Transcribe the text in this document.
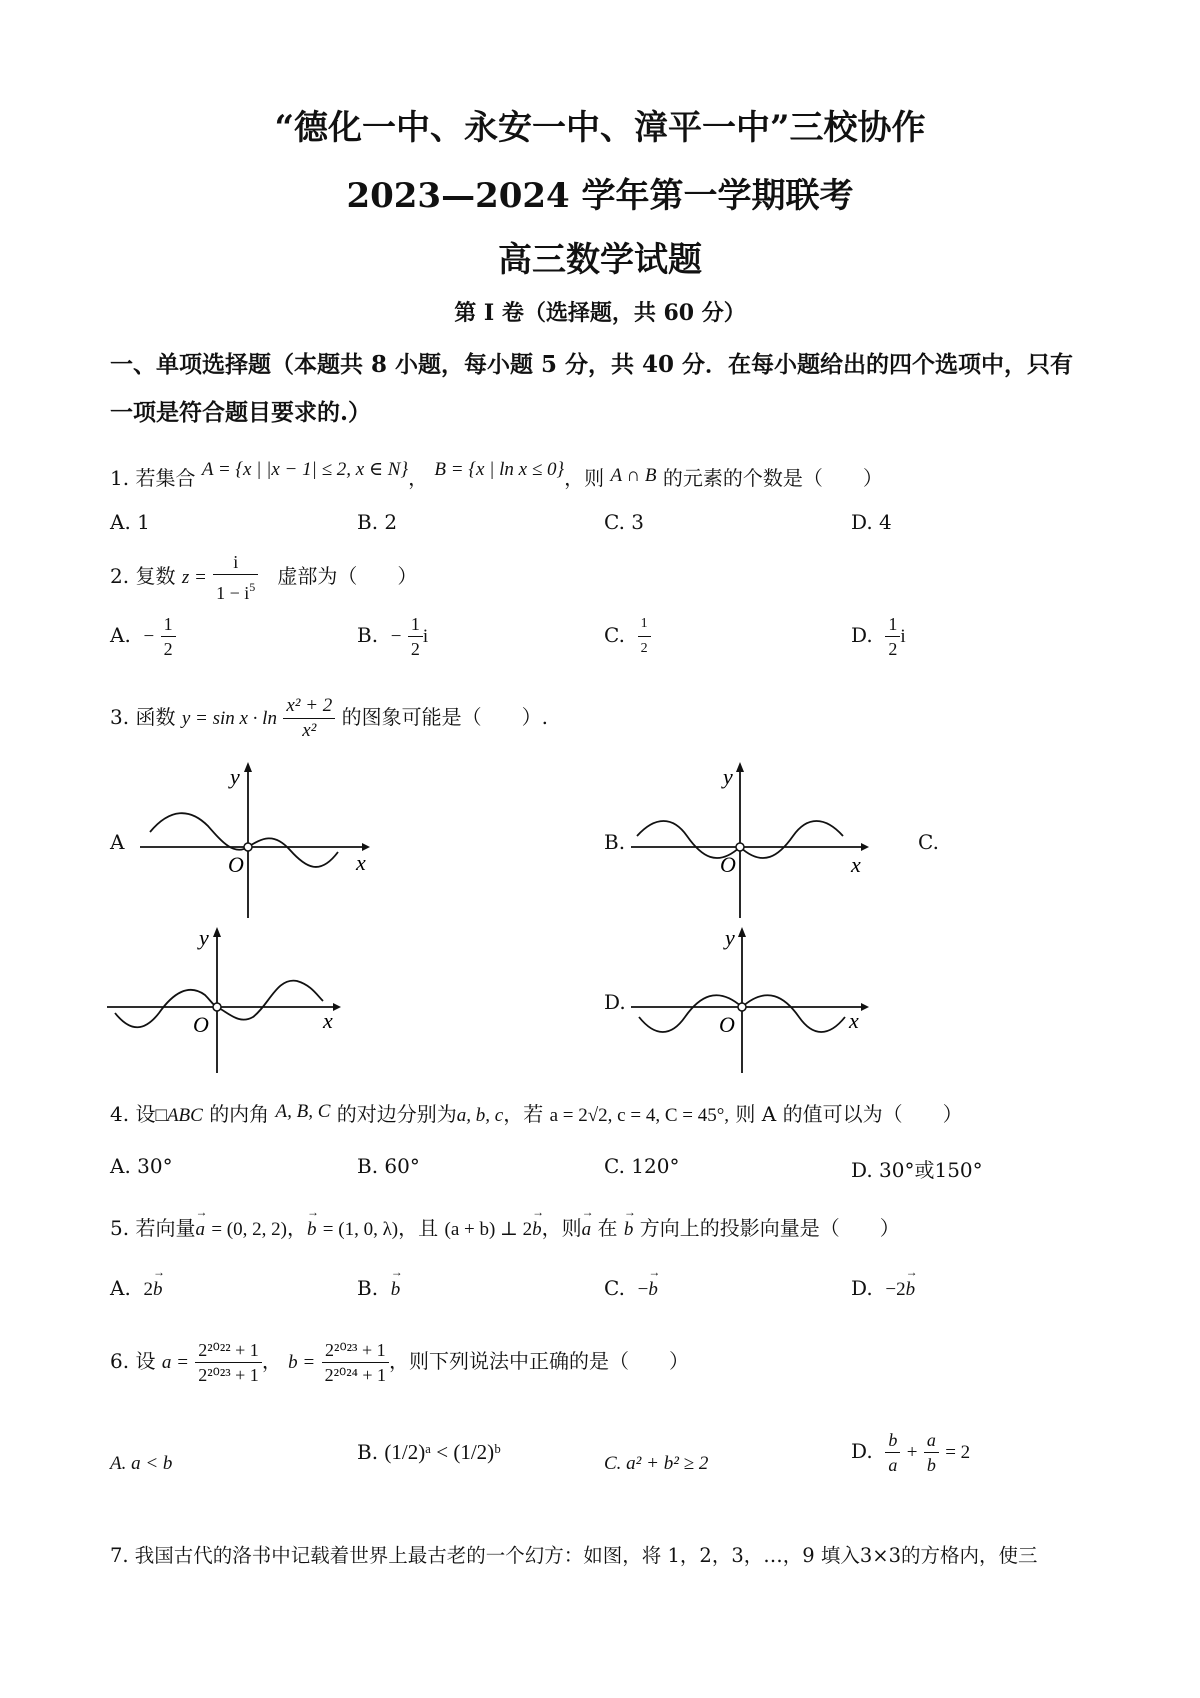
“德化一中、永安一中、漳平一中”三校协作
2023—2024 学年第一学期联考
高三数学试题
第 I 卷（选择题，共 60 分）
一、单项选择题（本题共 8 小题，每小题 5 分，共 40 分．在每小题给出的四个选项中，只有
一项是符合题目要求的.）
1. 若集合 A = {x | |x − 1| ≤ 2, x ∈ N}， B = {x | ln x ≤ 0}，则 A ∩ B 的元素的个数是（　　）
A. 1	B. 2	C. 3	D. 4
2. 复数 $z = \frac{i}{1 - i^5}$ 虚部为（　　）
A. − $\frac{1}{2}$	B. − $\frac{1}{2}$ i	C. $\frac{1}{2}$	D. $\frac{1}{2}$ i
3. 函数 $y = \sin x \cdot \ln \frac{\text{x² + 2}}{\text{x²}}$ 的图象可能是（　　）.
A	B.	C.
D.
O	x
y
O	x
y
O	x
y
O	x
y
4. 设□ABC 的内角 A, B, C 的对边分别为a, b, c，若 a = 2√2, c = 4, C = 45°, 则 A 的值可以为（　　）
A. 30°	B. 60°	C. 120°	D. 30°或150°
5. 若向量→ a = (0, 2, 2)，→ b = (1, 0, λ)，且 (a + b) ⊥ 2→ b，则→ a 在 → b 方向上的投影向量是（　　）
A. 2→ b	B. → b	C. −→ b	D. −2→ b
6. 设 $a = \frac{\text{2²⁰²² + 1}}{\text{2²⁰²³ + 1}}$ ， $b = \frac{\text{2²⁰²³ + 1}}{\text{2²⁰²⁴ + 1}}$ ，则下列说法中正确的是（　　）
A. a < b	B. (1/2)ᵃ < (1/2)ᵇ	C. a² + b² ≥ 2
D. $\frac{b}{a} + \frac{a}{b} = 2$
7. 我国古代的洛书中记载着世界上最古老的一个幻方：如图，将 1，2，3，…，9 填入3×3的方格内，使三
